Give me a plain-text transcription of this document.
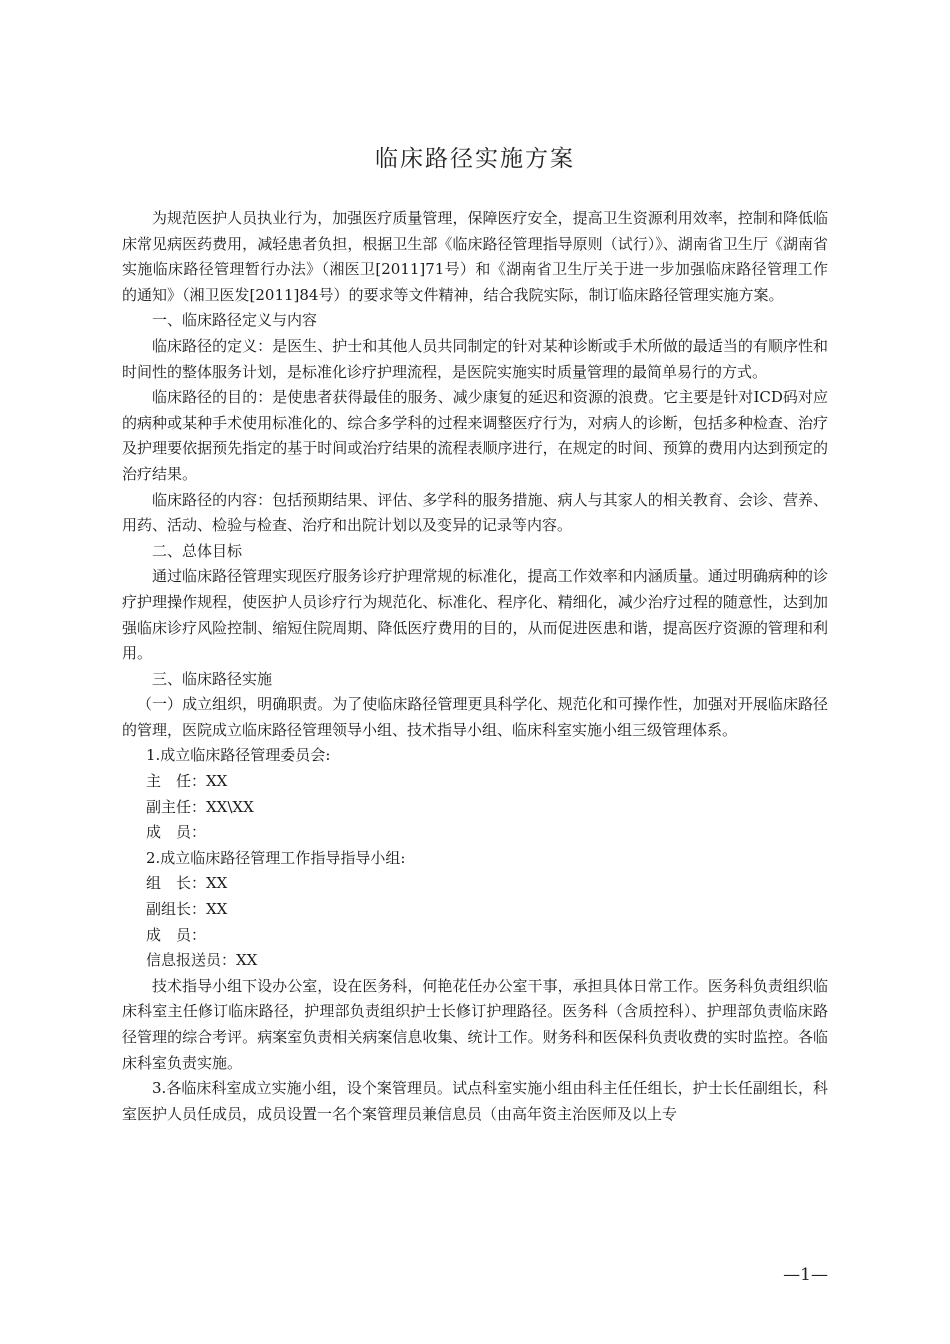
临床路径实施方案

为规范医护人员执业行为，加强医疗质量管理，保障医疗安全，提高卫生资源利用效率，控制和降低临床常见病医药费用，减轻患者负担，根据卫生部《临床路径管理指导原则（试行）》、湖南省卫生厅《湖南省实施临床路径管理暂行办法》（湘医卫[2011]71号）和《湖南省卫生厅关于进一步加强临床路径管理工作的通知》（湘卫医发[2011]84号）的要求等文件精神，结合我院实际，制订临床路径管理实施方案。

一、临床路径定义与内容

临床路径的定义：是医生、护士和其他人员共同制定的针对某种诊断或手术所做的最适当的有顺序性和时间性的整体服务计划，是标准化诊疗护理流程，是医院实施实时质量管理的最简单易行的方式。

临床路径的目的：是使患者获得最佳的服务、减少康复的延迟和资源的浪费。它主要是针对ICD码对应的病种或某种手术使用标准化的、综合多学科的过程来调整医疗行为，对病人的诊断，包括多种检查、治疗及护理要依据预先指定的基于时间或治疗结果的流程表顺序进行，在规定的时间、预算的费用内达到预定的治疗结果。

临床路径的内容：包括预期结果、评估、多学科的服务措施、病人与其家人的相关教育、会诊、营养、用药、活动、检验与检查、治疗和出院计划以及变异的记录等内容。

二、总体目标

通过临床路径管理实现医疗服务诊疗护理常规的标准化，提高工作效率和内涵质量。通过明确病种的诊疗护理操作规程，使医护人员诊疗行为规范化、标准化、程序化、精细化，减少治疗过程的随意性，达到加强临床诊疗风险控制、缩短住院周期、降低医疗费用的目的，从而促进医患和谐，提高医疗资源的管理和利用。

三、临床路径实施

（一）成立组织，明确职责。为了使临床路径管理更具科学化、规范化和可操作性，加强对开展临床路径的管理，医院成立临床路径管理领导小组、技术指导小组、临床科室实施小组三级管理体系。

1.成立临床路径管理委员会:

主　任：XX

副主任：XX\XX

成　员：

2.成立临床路径管理工作指导指导小组:

组　长：XX

副组长：XX

成　员：

信息报送员：XX

技术指导小组下设办公室，设在医务科，何艳花任办公室干事，承担具体日常工作。医务科负责组织临床科室主任修订临床路径，护理部负责组织护士长修订护理路径。医务科（含质控科）、护理部负责临床路径管理的综合考评。病案室负责相关病案信息收集、统计工作。财务科和医保科负责收费的实时监控。各临床科室负责实施。

3.各临床科室成立实施小组，设个案管理员。试点科室实施小组由科主任任组长，护士长任副组长，科室医护人员任成员，成员设置一名个案管理员兼信息员（由高年资主治医师及以上专

—1—
